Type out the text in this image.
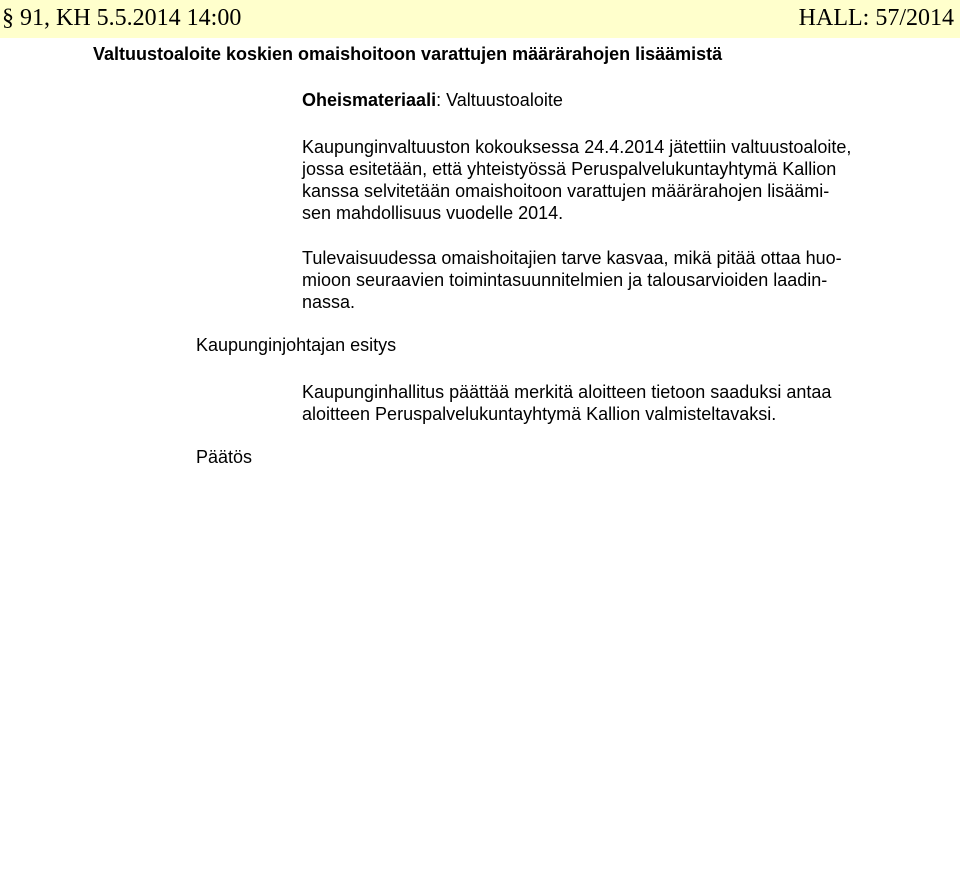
§ 91, KH 5.5.2014 14:00	HALL: 57/2014
Valtuustoaloite koskien omaishoitoon varattujen määrärahojen lisäämistä
Oheismateriaali: Valtuustoaloite
Kaupunginvaltuuston kokouksessa 24.4.2014 jätettiin valtuustoaloite,
jossa esitetään, että yhteistyössä Peruspalvelukuntayhtymä Kallion
kanssa selvitetään omaishoitoon varattujen määrärahojen lisäämi-
sen mahdollisuus vuodelle 2014.
Tulevaisuudessa omaishoitajien tarve kasvaa, mikä pitää ottaa huo-
mioon seuraavien toimintasuunnitelmien ja talousarvioiden laadin-
nassa.
Kaupunginjohtajan esitys
Kaupunginhallitus päättää merkitä aloitteen tietoon saaduksi antaa
aloitteen Peruspalvelukuntayhtymä Kallion valmisteltavaksi.
Päätös
